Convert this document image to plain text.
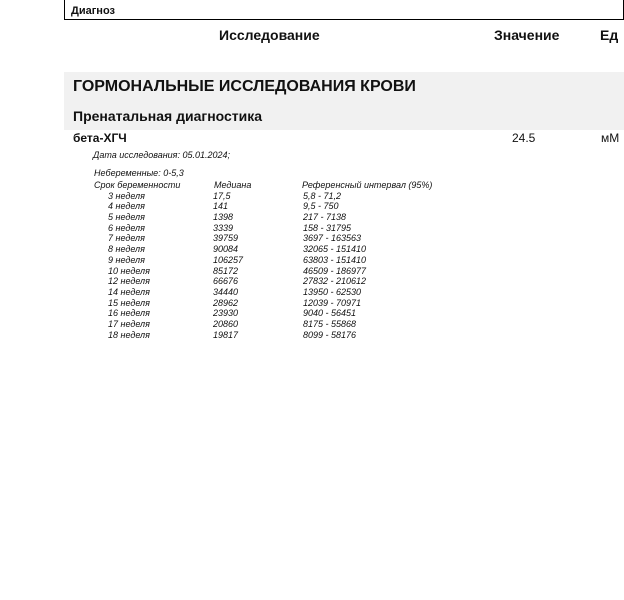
Диагноз
Исследование	Значение	Ед
ГОРМОНАЛЬНЫЕ ИССЛЕДОВАНИЯ КРОВИ
Пренатальная диагностика
бета-ХГЧ	24.5	мМ
Дата исследования: 05.01.2024;
Небеременные: 0-5,3
Срок беременности	Медиана	Референсный интервал (95%)
3 неделя	17,5	5,8 - 71,2
4 неделя	141	9,5 - 750
5 неделя	1398	217 - 7138
6 неделя	3339	158 - 31795
7 неделя	39759	3697 - 163563
8 неделя	90084	32065 - 151410
9 неделя	106257	63803 - 151410
10 неделя	85172	46509 - 186977
12 неделя	66676	27832 - 210612
14 неделя	34440	13950 - 62530
15 неделя	28962	12039 - 70971
16 неделя	23930	9040 - 56451
17 неделя	20860	8175 - 55868
18 неделя	19817	8099 - 58176
